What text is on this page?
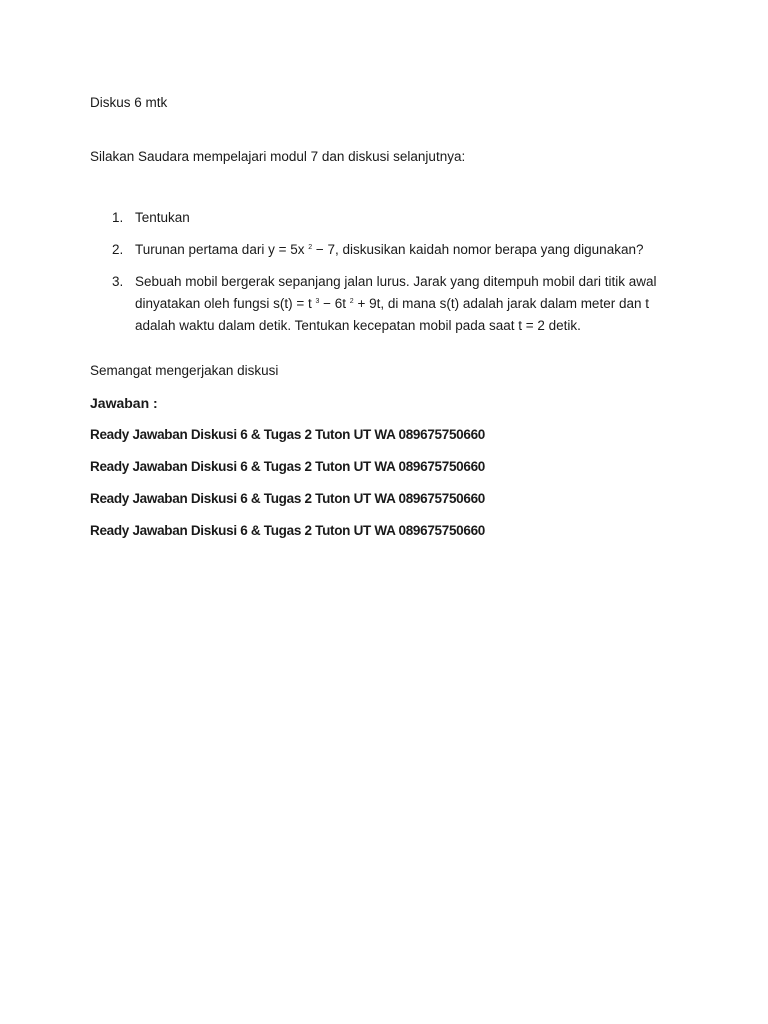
Diskus 6 mtk
Silakan Saudara mempelajari modul 7 dan diskusi selanjutnya:
1. Tentukan
2. Turunan pertama dari y = 5x $^2$ − 7, diskusikan kaidah nomor berapa yang digunakan?
3. Sebuah mobil bergerak sepanjang jalan lurus. Jarak yang ditempuh mobil dari titik awal dinyatakan oleh fungsi s(t) = t $^3$ − 6t $^2$ + 9t, di mana s(t) adalah jarak dalam meter dan t adalah waktu dalam detik. Tentukan kecepatan mobil pada saat t = 2 detik.
Semangat mengerjakan diskusi
Jawaban :
Ready Jawaban Diskusi 6 & Tugas 2 Tuton UT WA 089675750660
Ready Jawaban Diskusi 6 & Tugas 2 Tuton UT WA 089675750660
Ready Jawaban Diskusi 6 & Tugas 2 Tuton UT WA 089675750660
Ready Jawaban Diskusi 6 & Tugas 2 Tuton UT WA 089675750660
